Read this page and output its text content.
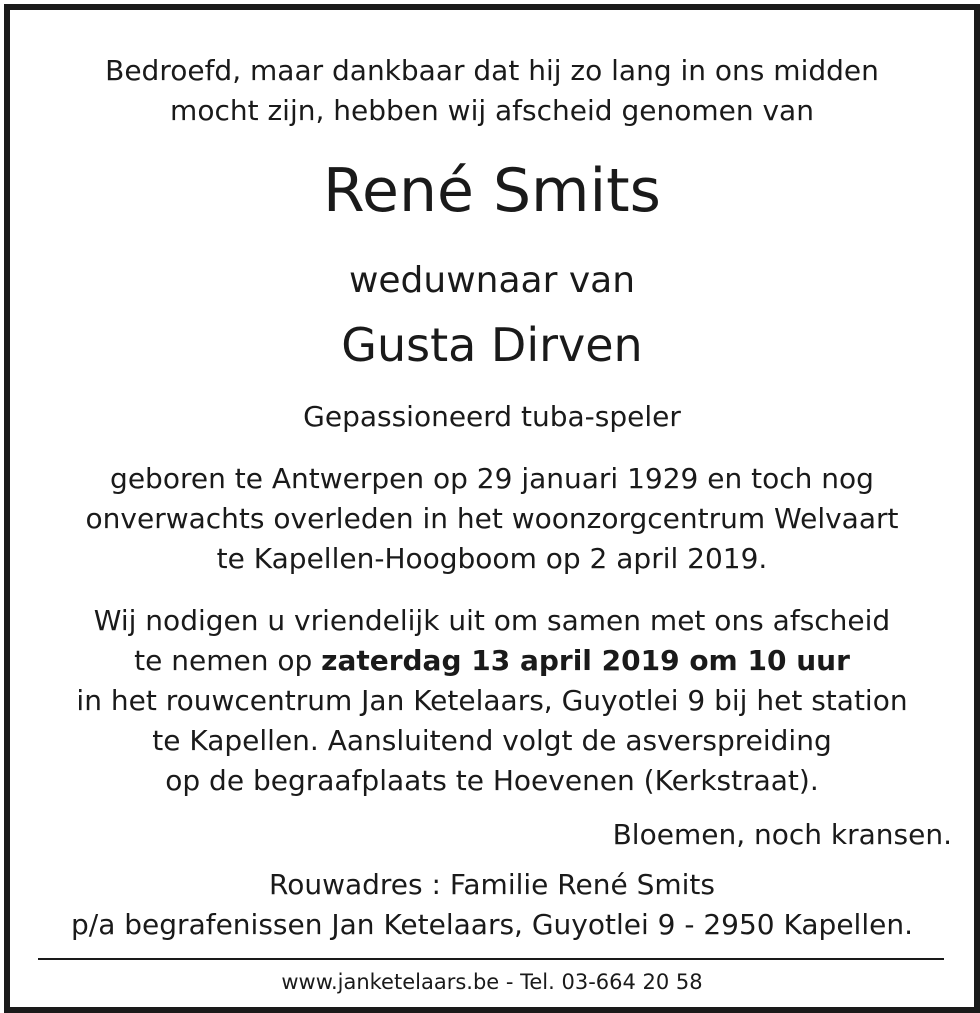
Bedroefd, maar dankbaar dat hij zo lang in ons midden
mocht zijn, hebben wij afscheid genomen van
René Smits
weduwnaar van
Gusta Dirven
Gepassioneerd tuba-speler
geboren te Antwerpen op 29 januari 1929 en toch nog
onverwachts overleden in het woonzorgcentrum Welvaart
te Kapellen-Hoogboom op 2 april 2019.
Wij nodigen u vriendelijk uit om samen met ons afscheid
te nemen op zaterdag 13 april 2019 om 10 uur
in het rouwcentrum Jan Ketelaars, Guyotlei 9 bij het station
te Kapellen. Aansluitend volgt de asverspreiding
op de begraafplaats te Hoevenen (Kerkstraat).
Bloemen, noch kransen.
Rouwadres : Familie René Smits
p/a begrafenissen Jan Ketelaars, Guyotlei 9 - 2950 Kapellen.
www.janketelaars.be - Tel. 03-664 20 58
